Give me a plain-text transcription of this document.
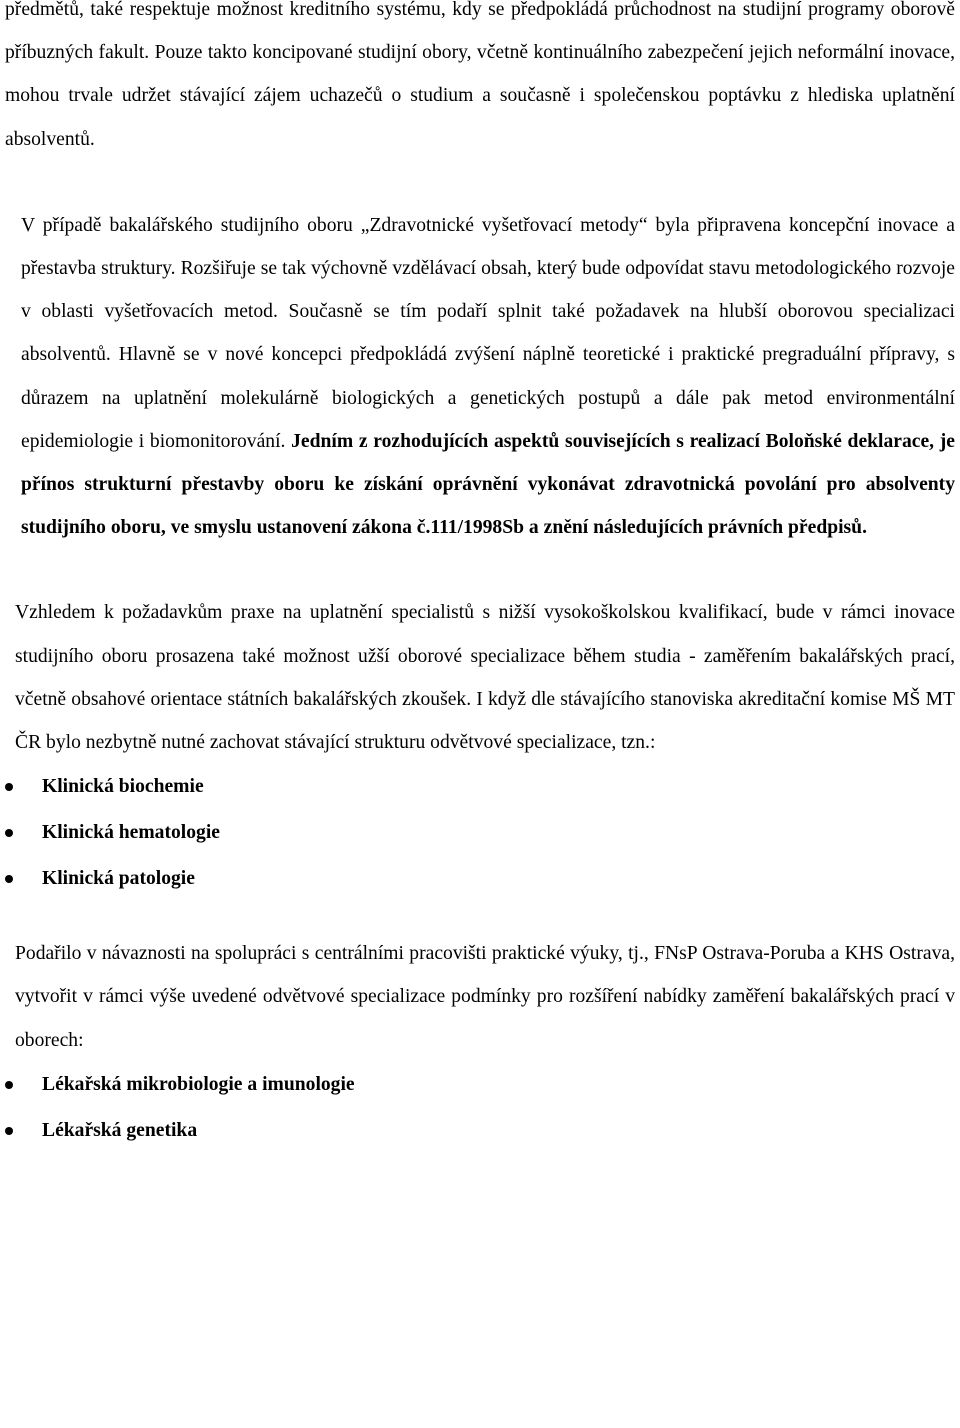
předmětů, také respektuje možnost kreditního systému, kdy se předpokládá průchodnost na studijní programy oborově příbuzných fakult. Pouze takto koncipované studijní obory, včetně kontinuálního zabezpečení jejich neformální inovace, mohou trvale udržet stávající zájem uchazečů o studium a současně i společenskou poptávku z hlediska uplatnění absolventů.

V případě bakalářského studijního oboru „Zdravotnické vyšetřovací metody“ byla připravena koncepční inovace a přestavba struktury. Rozšiřuje se tak výchovně vzdělávací obsah, který bude odpovídat stavu metodologického rozvoje v oblasti vyšetřovacích metod. Současně se tím podaří splnit také požadavek na hlubší oborovou specializaci absolventů. Hlavně se v nové koncepci předpokládá zvýšení náplně teoretické i praktické pregraduální přípravy, s důrazem na uplatnění molekulárně biologických a genetických postupů a dále pak metod environmentální epidemiologie i biomonitorování. Jedním z rozhodujících aspektů souvisejících s realizací Boloňské deklarace, je přínos strukturní přestavby oboru ke získání oprávnění vykonávat zdravotnická povolání pro absolventy studijního oboru, ve smyslu ustanovení zákona č.111/1998Sb a znění následujících právních předpisů.

Vzhledem k požadavkům praxe na uplatnění specialistů s nižší vysokoškolskou kvalifikací, bude v rámci inovace studijního oboru prosazena také možnost užší oborové specializace během studia - zaměřením bakalářských prací, včetně obsahové orientace státních bakalářských zkoušek. I když dle stávajícího stanoviska akreditační komise MŠ MT ČR bylo nezbytně nutné zachovat stávající strukturu odvětvové specializace, tzn.:

Klinická biochemie
Klinická hematologie
Klinická patologie

Podařilo v návaznosti na spolupráci s centrálními pracovišti praktické výuky, tj., FNsP Ostrava-Poruba a KHS Ostrava, vytvořit v rámci výše uvedené odvětvové specializace podmínky pro rozšíření nabídky zaměření bakalářských prací v oborech:

Lékařská mikrobiologie a imunologie
Lékařská genetika
